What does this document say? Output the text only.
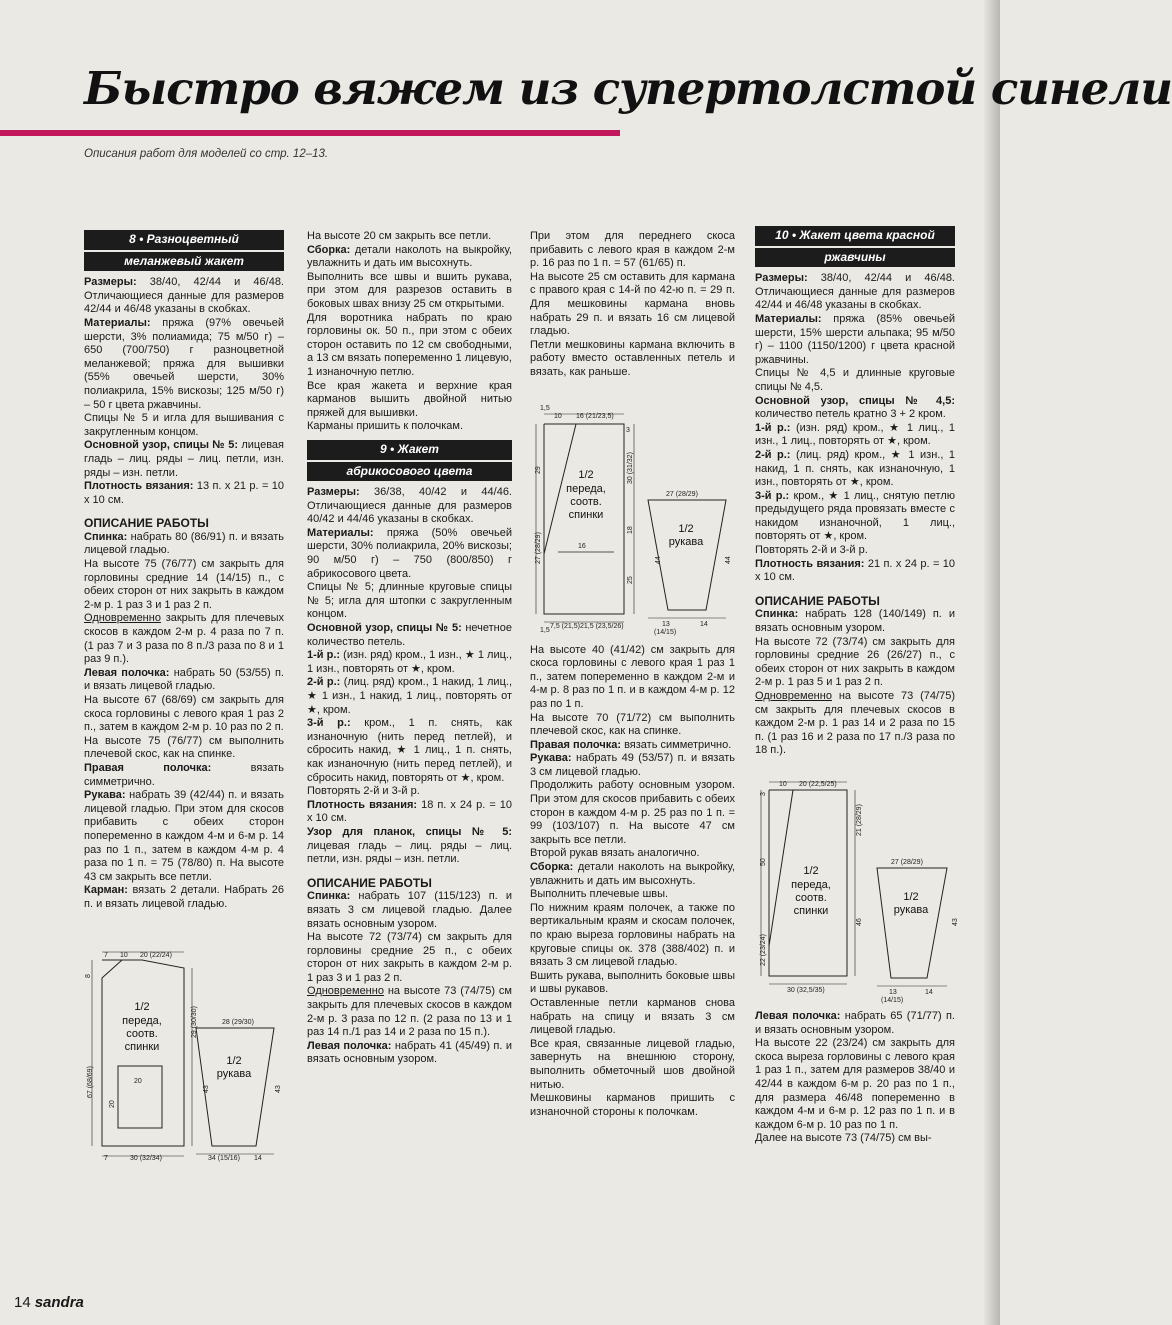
Быстро вяжем из супертолстой синели
Описания работ для моделей со стр. 12–13.
8 • Разноцветный
меланжевый жакет

Размеры: 38/40, 42/44 и 46/48. Отличающиеся данные для размеров 42/44 и 46/48 указаны в скобках.

Материалы: пряжа (97% овечьей шерсти, 3% полиамида; 75 м/50 г) – 650 (700/750) г разноцветной меланжевой; пряжа для вышивки (55% овечьей шерсти, 30% полиакрила, 15% вискозы; 125 м/50 г) – 50 г цвета ржавчины.

Спицы № 5 и игла для вышивания с закругленным концом.

Основной узор, спицы № 5: лицевая гладь – лиц. ряды – лиц. петли, изн. ряды – изн. петли.

Плотность вязания: 13 п. x 21 р. = 10 x 10 см.

ОПИСАНИЕ РАБОТЫ

Спинка: набрать 80 (86/91) п. и вязать лицевой гладью.

На высоте 75 (76/77) см закрыть для горловины средние 14 (14/15) п., с обеих сторон от них закрыть в каждом 2-м р. 1 раз 3 и 1 раз 2 п.

Одновременно закрыть для плечевых скосов в каждом 2-м р. 4 раза по 7 п. (1 раз 7 и 3 раза по 8 п./3 раза по 8 и 1 раз 9 п.).

Левая полочка: набрать 50 (53/55) п. и вязать лицевой гладью.

На высоте 67 (68/69) см закрыть для скоса горловины с левого края 1 раз 2 п., затем в каждом 2-м р. 10 раз по 2 п.

На высоте 75 (76/77) см выполнить плечевой скос, как на спинке.

Правая полочка:	вязать симметрично.

Рукава: набрать 39 (42/44) п. и вязать лицевой гладью. При этом для скосов прибавить с обеих сторон попеременно в каждом 4-м и 6-м р. 14 раз по 1 п., затем в каждом 4-м р. 4 раза по 1 п. = 75 (78/80) п. На высоте 43 см закрыть все петли.

Карман: вязать 2 детали. Набрать 26 п. и вязать лицевой гладью.

7 10 20 (22/24)
28 (29/30)
7	30 (32/34)	34 (15/16) 14
20
8
29 (30/30)
67 (68/69)
20
43	43
1/2
переда,
соотв.
спинки
1/2
рукава

На высоте 20 см закрыть все петли.

Сборка: детали наколоть на выкройку, увлажнить и дать им высохнуть.

Выполнить все швы и вшить рукава, при этом для разрезов оставить в боковых швах внизу 25 см открытыми.

Для воротника набрать по краю горловины ок. 50 п., при этом с обеих сторон оставить по 12 см свободными, а 13 см вязать попеременно 1 лицевую, 1 изнаночную петлю.

Все края жакета и верхние края карманов вышить двойной нитью пряжей для вышивки.

Карманы пришить к полочкам.

9 • Жакет
абрикосового цвета

Размеры: 36/38, 40/42 и 44/46. Отличающиеся данные для размеров 40/42 и 44/46 указаны в скобках.

Материалы: пряжа (50% овечьей шерсти, 30% полиакрила, 20% вискозы; 90 м/50 г) – 750 (800/850) г абрикосового цвета.

Спицы № 5; длинные круговые спицы № 5; игла для штопки с закругленным концом.

Основной узор, спицы № 5: нечетное количество петель.

1-й р.: (изн. ряд) кром., 1 изн., ★ 1 лиц., 1 изн., повторять от ★, кром.

2-й р.: (лиц. ряд) кром., 1 накид, 1 лиц., ★ 1 изн., 1 накид, 1 лиц., повторять от ★, кром.

3-й р.: кром., 1 п. снять, как изнаночную (нить перед петлей), и сбросить накид, ★ 1 лиц., 1 п. снять, как изнаночную (нить перед петлей), и сбросить накид, повторять от ★, кром.

Повторять 2-й и 3-й р.

Плотность вязания: 18 п. x 24 р. = 10 x 10 см.

Узор для планок, спицы № 5: лицевая гладь – лиц. ряды – лиц. петли, изн. ряды – изн. петли.

ОПИСАНИЕ РАБОТЫ

Спинка: набрать 107 (115/123) п. и вязать 3 см лицевой гладью. Далее вязать основным узором.

На высоте 72 (73/74) см закрыть для горловины средние 25 п., с обеих сторон от них закрыть в каждом 2-м р. 1 раз 3 и 1 раз 2 п.

Одновременно на высоте 73 (74/75) см закрыть для плечевых скосов в каждом 2-м р. 3 раза по 12 п. (2 раза по 13 и 1 раз 14 п./1 раз 14 и 2 раза по 15 п.).

Левая полочка: набрать 41 (45/49) п. и вязать основным узором.

При этом для переднего скоса прибавить с левого края в каждом 2-м р. 16 раз по 1 п. = 57 (61/65) п.

На высоте 25 см оставить для кармана с правого края с 14-й по 42-ю п. = 29 п. Для мешковины кармана вновь набрать 29 п. и вязать 16 см лицевой гладью.

Петли мешковины кармана включить в работу вместо оставленных петель и вязать, как раньше.

1,5
10 16 (21/23,5)
27 (28/29)
1,5
7,5 (21,5) 21,5 (23,5/26)	13
(14/15)
14
16
29
27 (28/29)
30 (31/32)
18
25
44	44
3
1/2
переда,
соотв.
спинки
1/2
рукава

На высоте 40 (41/42) см закрыть для скоса горловины с левого края 1 раз 1 п., затем попеременно в каждом 2-м и 4-м р. 8 раз по 1 п. и в каждом 4-м р. 12 раз по 1 п.

На высоте 70 (71/72) см выполнить плечевой скос, как на спинке.

Правая полочка: вязать симметрично.

Рукава: набрать 49 (53/57) п. и вязать 3 см лицевой гладью.

Продолжить работу основным узором. При этом для скосов прибавить с обеих сторон в каждом 4-м р. 25 раз по 1 п. = 99 (103/107) п. На высоте 47 см закрыть все петли.

Второй рукав вязать аналогично.

Сборка: детали наколоть на выкройку, увлажнить и дать им высохнуть.

Выполнить плечевые швы.

По нижним краям полочек, а также по вертикальным краям и скосам полочек, по краю выреза горловины набрать на круговые спицы ок. 378 (388/402) п. и вязать 3 см лицевой гладью.

Вшить рукава, выполнить боковые швы и швы рукавов.

Оставленные петли карманов снова набрать на спицу и вязать 3 см лицевой гладью.

Все края, связанные лицевой гладью, завернуть на внешнюю сторону, выполнить обметочный шов двойной нитью.

Мешковины карманов пришить с изнаночной стороны к полочкам.

10 • Жакет цвета красной
ржавчины

Размеры: 38/40, 42/44 и 46/48. Отличающиеся данные для размеров 42/44 и 46/48 указаны в скобках.

Материалы: пряжа (85% овечьей шерсти, 15% шерсти альпака; 95 м/50 г) – 1100 (1150/1200) г цвета красной ржавчины.

Спицы № 4,5 и длинные круговые спицы № 4,5.

Основной узор, спицы № 4,5: количество петель кратно 3 + 2 кром.

1-й р.: (изн. ряд) кром., ★ 1 лиц., 1 изн., 1 лиц., повторять от ★, кром.

2-й р.: (лиц. ряд) кром., ★ 1 изн., 1 накид, 1 п. снять, как изнаночную, 1 изн., повторять от ★, кром.

3-й р.: кром., ★ 1 лиц., снятую петлю предыдущего ряда провязать вместе с накидом изнаночной, 1 лиц., повторять от ★, кром.

Повторять 2-й и 3-й р.

Плотность вязания: 21 п. x 24 р. = 10 x 10 см.

ОПИСАНИЕ РАБОТЫ

Спинка: набрать 128 (140/149) п. и вязать основным узором.

На высоте 72 (73/74) см закрыть для горловины средние 26 (26/27) п., с обеих сторон от них закрыть в каждом 2-м р. 1 раз 5 и 1 раз 2 п.

Одновременно на высоте 73 (74/75) см закрыть для плечевых скосов в каждом 2-м р. 1 раз 14 и 2 раза по 15 п. (1 раз 16 и 2 раза по 17 п./3 раза по 18 п.).

10 20 (22,5/25)
27 (28/29)
30 (32,5/35)	13
(14/15)
14
3
21 (28/29)
50
22 (23/24)
46	43
1/2
переда,
соотв.
спинки
1/2
рукава

Левая полочка: набрать 65 (71/77) п. и вязать основным узором.

На высоте 22 (23/24) см закрыть для скоса выреза горловины с левого края 1 раз 1 п., затем для размеров 38/40 и 42/44 в каждом 6-м р. 20 раз по 1 п., для размера 46/48 попеременно в каждом 4-м и 6-м р. 12 раз по 1 п. и в каждом 6-м р. 10 раз по 1 п.

Далее на высоте 73 (74/75) см вы-

14 sandra
